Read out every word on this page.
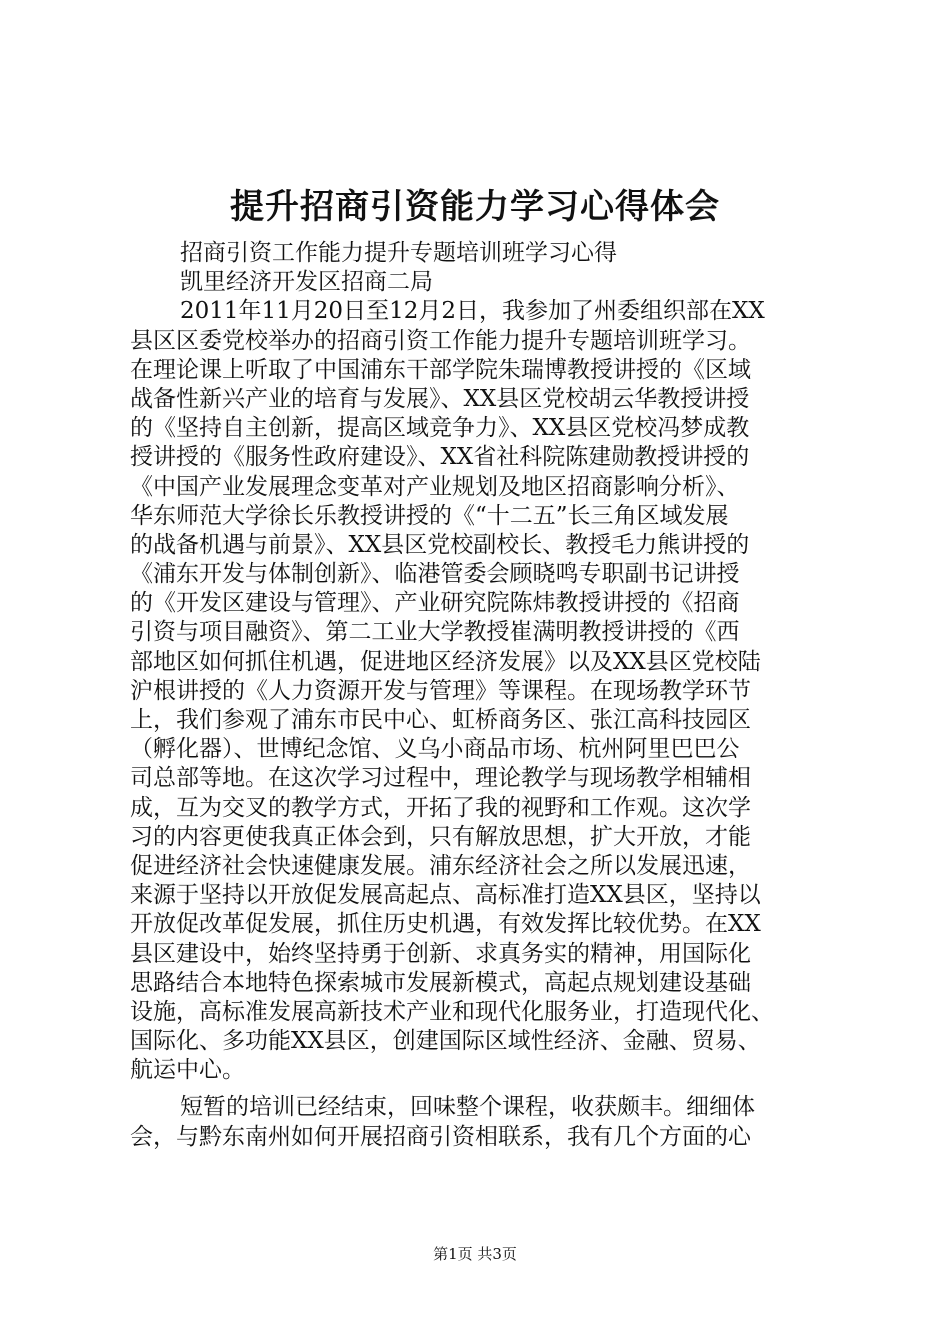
提升招商引资能力学习心得体会
招商引资工作能力提升专题培训班学习心得
凯里经济开发区招商二局
2011年11月20日至12月2日，我参加了州委组织部在XX
县区区委党校举办的招商引资工作能力提升专题培训班学习。
在理论课上听取了中国浦东干部学院朱瑞博教授讲授的《区域
战备性新兴产业的培育与发展》、XX县区党校胡云华教授讲授
的《坚持自主创新，提高区域竞争力》、XX县区党校冯梦成教
授讲授的《服务性政府建设》、XX省社科院陈建勋教授讲授的
《中国产业发展理念变革对产业规划及地区招商影响分析》、
华东师范大学徐长乐教授讲授的《“十二五”长三角区域发展
的战备机遇与前景》、XX县区党校副校长、教授毛力熊讲授的
《浦东开发与体制创新》、临港管委会顾晓鸣专职副书记讲授
的《开发区建设与管理》、产业研究院陈炜教授讲授的《招商
引资与项目融资》、第二工业大学教授崔满明教授讲授的《西
部地区如何抓住机遇，促进地区经济发展》以及XX县区党校陆
沪根讲授的《人力资源开发与管理》等课程。在现场教学环节
上，我们参观了浦东市民中心、虹桥商务区、张江高科技园区
（孵化器）、世博纪念馆、义乌小商品市场、杭州阿里巴巴公
司总部等地。在这次学习过程中，理论教学与现场教学相辅相
成，互为交叉的教学方式，开拓了我的视野和工作观。这次学
习的内容更使我真正体会到，只有解放思想，扩大开放，才能
促进经济社会快速健康发展。浦东经济社会之所以发展迅速，
来源于坚持以开放促发展高起点、高标准打造XX县区，坚持以
开放促改革促发展，抓住历史机遇，有效发挥比较优势。在XX
县区建设中，始终坚持勇于创新、求真务实的精神，用国际化
思路结合本地特色探索城市发展新模式，高起点规划建设基础
设施，高标准发展高新技术产业和现代化服务业，打造现代化、
国际化、多功能XX县区，创建国际区域性经济、金融、贸易、
航运中心。
短暂的培训已经结束，回味整个课程，收获颇丰。细细体
会，与黔东南州如何开展招商引资相联系，我有几个方面的心
第1页 共3页
